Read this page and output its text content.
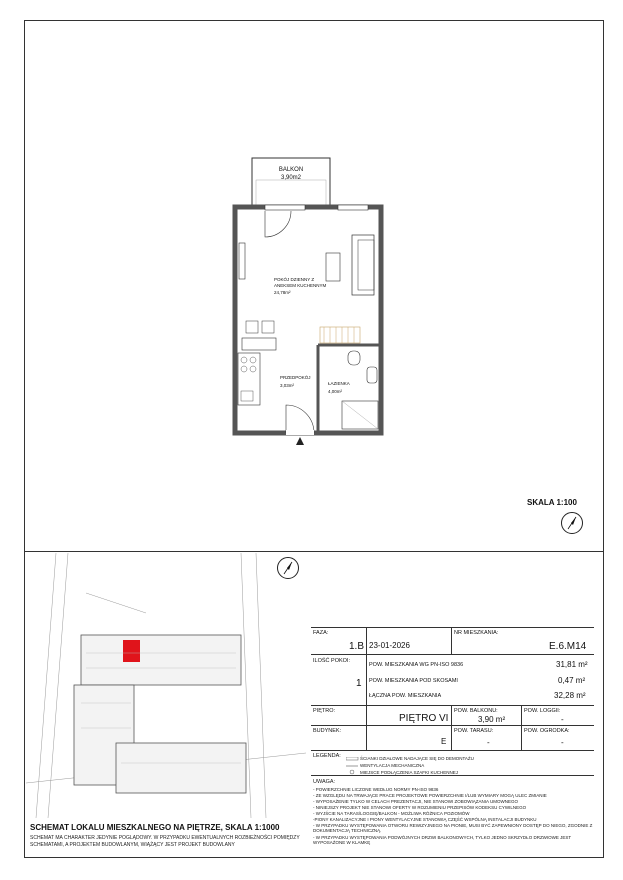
BALKON
3,90m2
POKÓJ DZIENNY Z
ANEKSEM KUCHENNYM
24,78m²
PRZEDPOKÓJ
3,03m²	ŁAZIENKA
4,00m²
SKALA 1:100
SCHEMAT LOKALU MIESZKALNEGO NA PIĘTRZE, SKALA 1:1000
SCHEMAT MA CHARAKTER JEDYNIE POGLĄDOWY. W PRZYPADKU EWENTUALNYCH ROZBIEŻNOŚCI POMIĘDZY
SCHEMATAMI, A PROJEKTEM BUDOWLANYM, WIĄŻĄCY JEST PROJEKT BUDOWLANY
FAZA:
1.B 23-01-2026
NR MIESZKANIA:
E.6.M14
ILOŚĆ POKOI:
1
POW. MIESZKANIA WG PN-ISO 9836	31,81 m²
POW. MIESZKANIA POD SKOSAMI	0,47 m²
ŁĄCZNA POW. MIESZKANIA	32,28 m²
PIĘTRO:
PIĘTRO VI
POW. BALKONU:
3,90 m²
POW. LOGGII:
-
BUDYNEK:
E
POW. TARASU:
-
POW. OGRODKA:
-
LEGENDA:	ŚCIANKI DZIAŁOWE NADAJĄCE SIĘ DO DEMONTAŻU
WENTYLACJA MECHANICZNA
MIEJSCE PODŁĄCZENIA SZAFKI KUCHENNEJ
UWAGA:
- POWIERZCHNIE LICZONE WEDŁUG NORMY PN-ISO 9836
- ZE WZGLĘDU NA TRWAJĄCE PRACE PROJEKTOWE POWIERZCHNIE I/LUB WYMIARY MOGĄ ULEC ZMIANIE
- WYPOSAŻENIE TYLKO W CELACH PREZENTACJI, NIE STANOWI ZOBOWIĄZANIA UMOWNEGO
- NINIEJSZY PROJEKT NIE STANOWI OFERTY W ROZUMIENIU PRZEPISÓW KODEKSU CYWILNEGO
- WYJŚCIE NA TARAS/LOGGIĘ/BALKON - MOŻLIWA RÓŻNICA POZIOMÓW
-PIONY KANALIZACYJNE I PIONY WENTYLACYJNE STANOWIĄ CZĘŚĆ WSPÓLNĄ INSTALACJI BUDYNKU
- W PRZYPADKU WYSTĘPOWANIA OTWORU REWIZYJNEGO NA PIONIE, MUSI BYĆ ZAPEWNIONY DOSTĘP DO NIEGO, ZGODNIE Z DOKUMENTACJĄ TECHNICZNĄ.
- W PRZYPADKU WYSTĘPOWANIA PODWÓJNYCH DRZWI BALKONOWYCH, TYLKO JEDNO SKRZYDŁO DRZWIOWE JEST WYPOSAŻONE W KLAMKĘ
